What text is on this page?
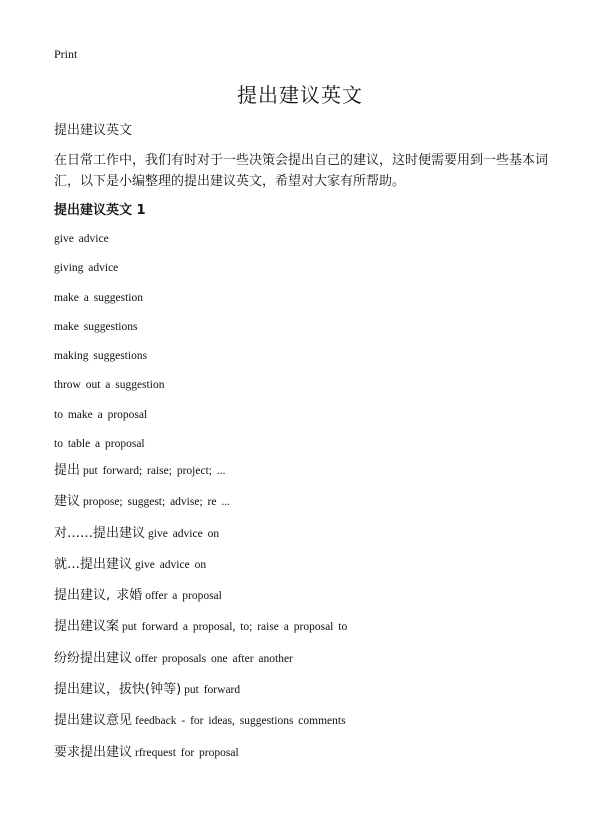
Print
提出建议英文
提出建议英文
在日常工作中，我们有时对于一些决策会提出自己的建议，这时便需要用到一些基本词汇，以下是小编整理的提出建议英文，希望对大家有所帮助。
提出建议英文 1
give advice
giving advice
make a suggestion
make suggestions
making suggestions
throw out a suggestion
to make a proposal
to table a proposal
提出 put forward; raise; project; ...
建议 propose; suggest; advise; re ...
对……提出建议 give advice on
就…提出建议 give advice on
提出建议, 求婚 offer a proposal
提出建议案 put forward a proposal, to; raise a proposal to
纷纷提出建议 offer proposals one after another
提出建议，拔快(钟等) put forward
提出建议意见 feedback - for ideas, suggestions comments
要求提出建议 rfrequest for proposal
